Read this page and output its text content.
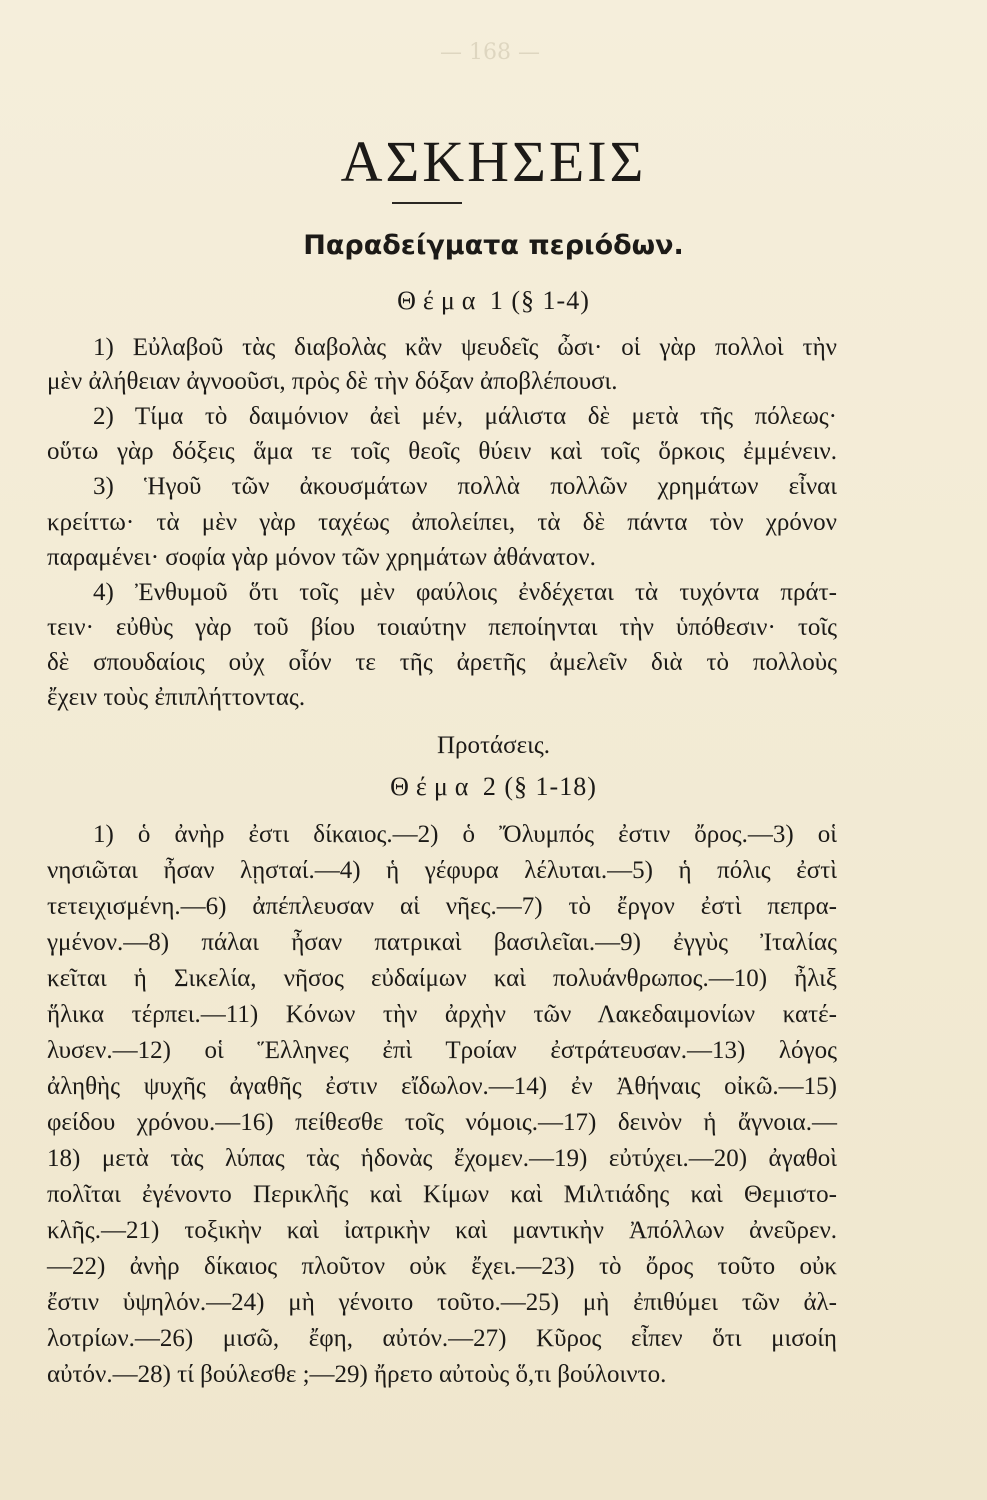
— 168 —
ΑΣΚΗΣΕΙΣ
Παραδείγματα περιόδων.
Θέμα 1 (§ 1-4)
1) Εὐλαβοῦ τὰς διαβολὰς κἂν ψευδεῖς ὦσι· οἱ γὰρ πολλοὶ τὴν
μὲν ἀλήθειαν ἀγνοοῦσι, πρὸς δὲ τὴν δόξαν ἀποβλέπουσι.
2) Τίμα τὸ δαιμόνιον ἀεὶ μέν, μάλιστα δὲ μετὰ τῆς πόλεως·
οὕτω γὰρ δόξεις ἅμα τε τοῖς θεοῖς θύειν καὶ τοῖς ὅρκοις ἐμμένειν.
3) Ἡγοῦ τῶν ἀκουσμάτων πολλὰ πολλῶν χρημάτων εἶναι
κρείττω· τὰ μὲν γὰρ ταχέως ἀπολείπει, τὰ δὲ πάντα τὸν χρόνον
παραμένει· σοφία γὰρ μόνον τῶν χρημάτων ἀθάνατον.
4) Ἐνθυμοῦ ὅτι τοῖς μὲν φαύλοις ἐνδέχεται τὰ τυχόντα πράτ-
τειν· εὐθὺς γὰρ τοῦ βίου τοιαύτην πεποίηνται τὴν ὑπόθεσιν· τοῖς
δὲ σπουδαίοις οὐχ οἷόν τε τῆς ἀρετῆς ἀμελεῖν διὰ τὸ πολλοὺς
ἔχειν τοὺς ἐπιπλήττοντας.
Προτάσεις.
Θέμα 2 (§ 1-18)
1) ὁ ἀνὴρ ἐστι δίκαιος.—2) ὁ Ὄλυμπός ἐστιν ὄρος.—3) οἱ
νησιῶται ἦσαν λῃσταί.—4) ἡ γέφυρα λέλυται.—5) ἡ πόλις ἐστὶ
τετειχισμένη.—6) ἀπέπλευσαν αἱ νῆες.—7) τὸ ἔργον ἐστὶ πεπρα-
γμένον.—8) πάλαι ἦσαν πατρικαὶ βασιλεῖαι.—9) ἐγγὺς Ἰταλίας
κεῖται ἡ Σικελία, νῆσος εὐδαίμων καὶ πολυάνθρωπος.—10) ἦλιξ
ἥλικα τέρπει.—11) Κόνων τὴν ἀρχὴν τῶν Λακεδαιμονίων κατέ-
λυσεν.—12) οἱ Ἕλληνες ἐπὶ Τροίαν ἐστράτευσαν.—13) λόγος
ἀληθὴς ψυχῆς ἀγαθῆς ἐστιν εἴδωλον.—14) ἐν Ἀθήναις οἰκῶ.—15)
φείδου χρόνου.—16) πείθεσθε τοῖς νόμοις.—17) δεινὸν ἡ ἄγνοια.—
18) μετὰ τὰς λύπας τὰς ἡδονὰς ἔχομεν.—19) εὐτύχει.—20) ἀγαθοὶ
πολῖται ἐγένοντο Περικλῆς καὶ Κίμων καὶ Μιλτιάδης καὶ Θεμιστο-
κλῆς.—21) τοξικὴν καὶ ἰατρικὴν καὶ μαντικὴν Ἀπόλλων ἀνεῦρεν.
—22) ἀνὴρ δίκαιος πλοῦτον οὐκ ἔχει.—23) τὸ ὄρος τοῦτο οὐκ
ἔστιν ὑψηλόν.—24) μὴ γένοιτο τοῦτο.—25) μὴ ἐπιθύμει τῶν ἀλ-
λοτρίων.—26) μισῶ, ἔφη, αὐτόν.—27) Κῦρος εἶπεν ὅτι μισοίη
αὐτόν.—28) τί βούλεσθε ;—29) ἤρετο αὐτοὺς ὅ,τι βούλοιντο.
